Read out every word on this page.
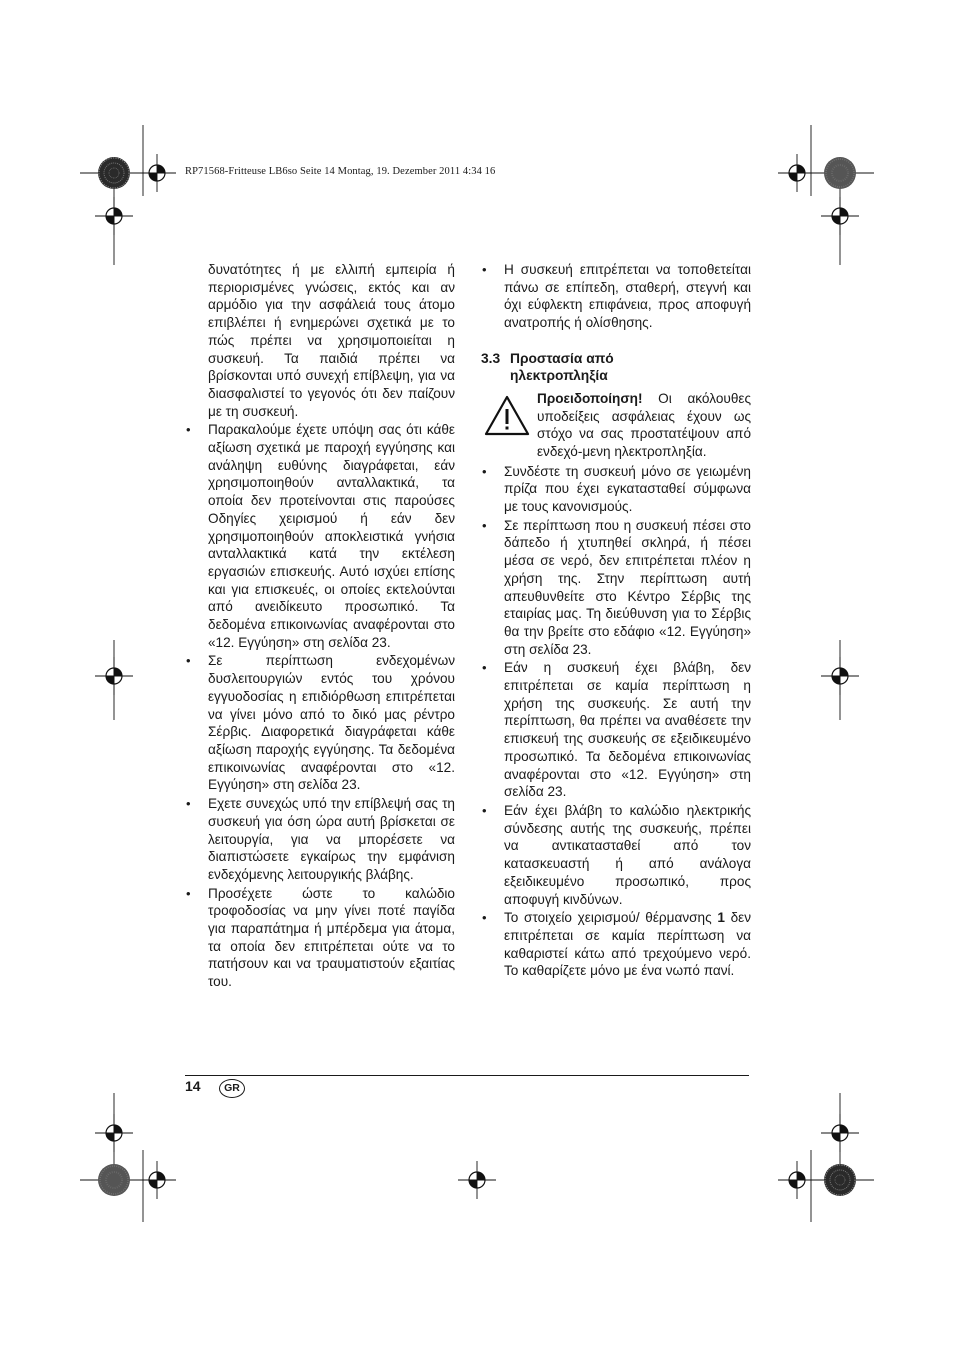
RP71568-Fritteuse LB6so Seite 14 Montag, 19. Dezember 2011 4:34 16

δυνατότητες ή με ελλιπή εμπειρία ή περιορισμένες γνώσεις, εκτός και αν αρμόδιο για την ασφάλειά τους άτομο επιβλέπει ή ενημερώνει σχετικά με το πώς πρέπει να χρησιμοποιείται η συσκευή. Τα παιδιά πρέπει να βρίσκονται υπό συνεχή επίβλεψη, για να διασφαλιστεί το γεγονός ότι δεν παίζουν με τη συσκευή.

•	Παρακαλούμε έχετε υπόψη σας ότι κάθε αξίωση σχετικά με παροχή εγγύησης και ανάληψη ευθύνης διαγράφεται, εάν χρησιμοποιηθούν ανταλλακτικά, τα οποία δεν προτείνονται στις παρούσες Οδηγίες χειρισμού ή εάν δεν χρησιμοποιηθούν αποκλειστικά γνήσια ανταλλακτικά κατά την εκτέλεση εργασιών επισκευής. Αυτό ισχύει επίσης και για επισκευές, οι οποίες εκτελούνται από ανειδίκευτο προσωπικό. Τα δεδομένα επικοινωνίας αναφέρονται στο «12. Εγγύηση» στη σελίδα 23.
•	Σε περίπτωση ενδεχομένων δυσλειτουργιών εντός του χρόνου εγγυοδοσίας η επιδιόρθωση επιτρέπεται να γίνει μόνο από το δικό μας ρέντρο Σέρβις. Διαφορετικά διαγράφεται κάθε αξίωση παροχής εγγύησης. Τα δεδομένα επικοινωνίας αναφέρονται στο «12. Εγγύηση» στη σελίδα 23.
•	Εχετε συνεχώς υπό την επίβλεψή σας τη συσκευή για όση ώρα αυτή βρίσκεται σε λειτουργία, για να μπορέσετε να διαπιστώσετε εγκαίρως την εμφάνιση ενδεχόμενης λειτουργικής βλάβης.
•	Προσέχετε ώστε το καλώδιο τροφοδοσίας να μην γίνει ποτέ παγίδα για παραπάτημα ή μπέρδεμα για άτομα, τα οποία δεν επιτρέπεται ούτε να το πατήσουν και να τραυματιστούν εξαιτίας του.
•	Η συσκευή επιτρέπεται να τοποθετείται πάνω σε επίπεδη, σταθερή, στεγνή και όχι εύφλεκτη επιφάνεια, προς αποφυγή ανατροπής ή ολίσθησης.
3.3 Προστασία από
ηλεκτροπληξία

Προειδοποίηση! Οι ακόλουθες υποδείξεις ασφάλειας έχουν ως στόχο να σας προστατέψουν από ενδεχό-μενη ηλεκτροπληξία.

•	Συνδέστε τη συσκευή μόνο σε γειωμένη πρίζα που έχει εγκατασταθεί σύμφωνα με τους κανονισμούς.
•	Σε περίπτωση που η συσκευή πέσει στο δάπεδο ή χτυπηθεί σκληρά, ή πέσει μέσα σε νερό, δεν επιτρέπεται πλέον η χρήση της. Στην περίπτωση αυτή απευθυνθείτε στο Κέντρο Σέρβις της εταιρίας μας. Τη διεύθυνση για το Σέρβις θα την βρείτε στο εδάφιο «12. Εγγύηση» στη σελίδα 23.
•	Εάν η συσκευή έχει βλάβη, δεν επιτρέπεται σε καμία περίπτωση η χρήση της συσκευής. Σε αυτή την περίπτωση, θα πρέπει να αναθέσετε την επισκευή της συσκευής σε εξειδικευμένο προσωπικό. Τα δεδομένα επικοινωνίας αναφέρονται στο «12. Εγγύηση» στη σελίδα 23.
•	Εάν έχει βλάβη το καλώδιο ηλεκτρικής σύνδεσης αυτής της συσκευής, πρέπει να αντικατασταθεί από τον κατασκευαστή ή από ανάλογα εξειδικευμένο προσωπικό, προς αποφυγή κινδύνων.
•	Το στοιχείο χειρισμού/ θέρμανσης 1 δεν επιτρέπεται σε καμία περίπτωση να καθαριστεί κάτω από τρεχούμενο νερό. Το καθαρίζετε μόνο με ένα νωπό πανί.
14	GR
